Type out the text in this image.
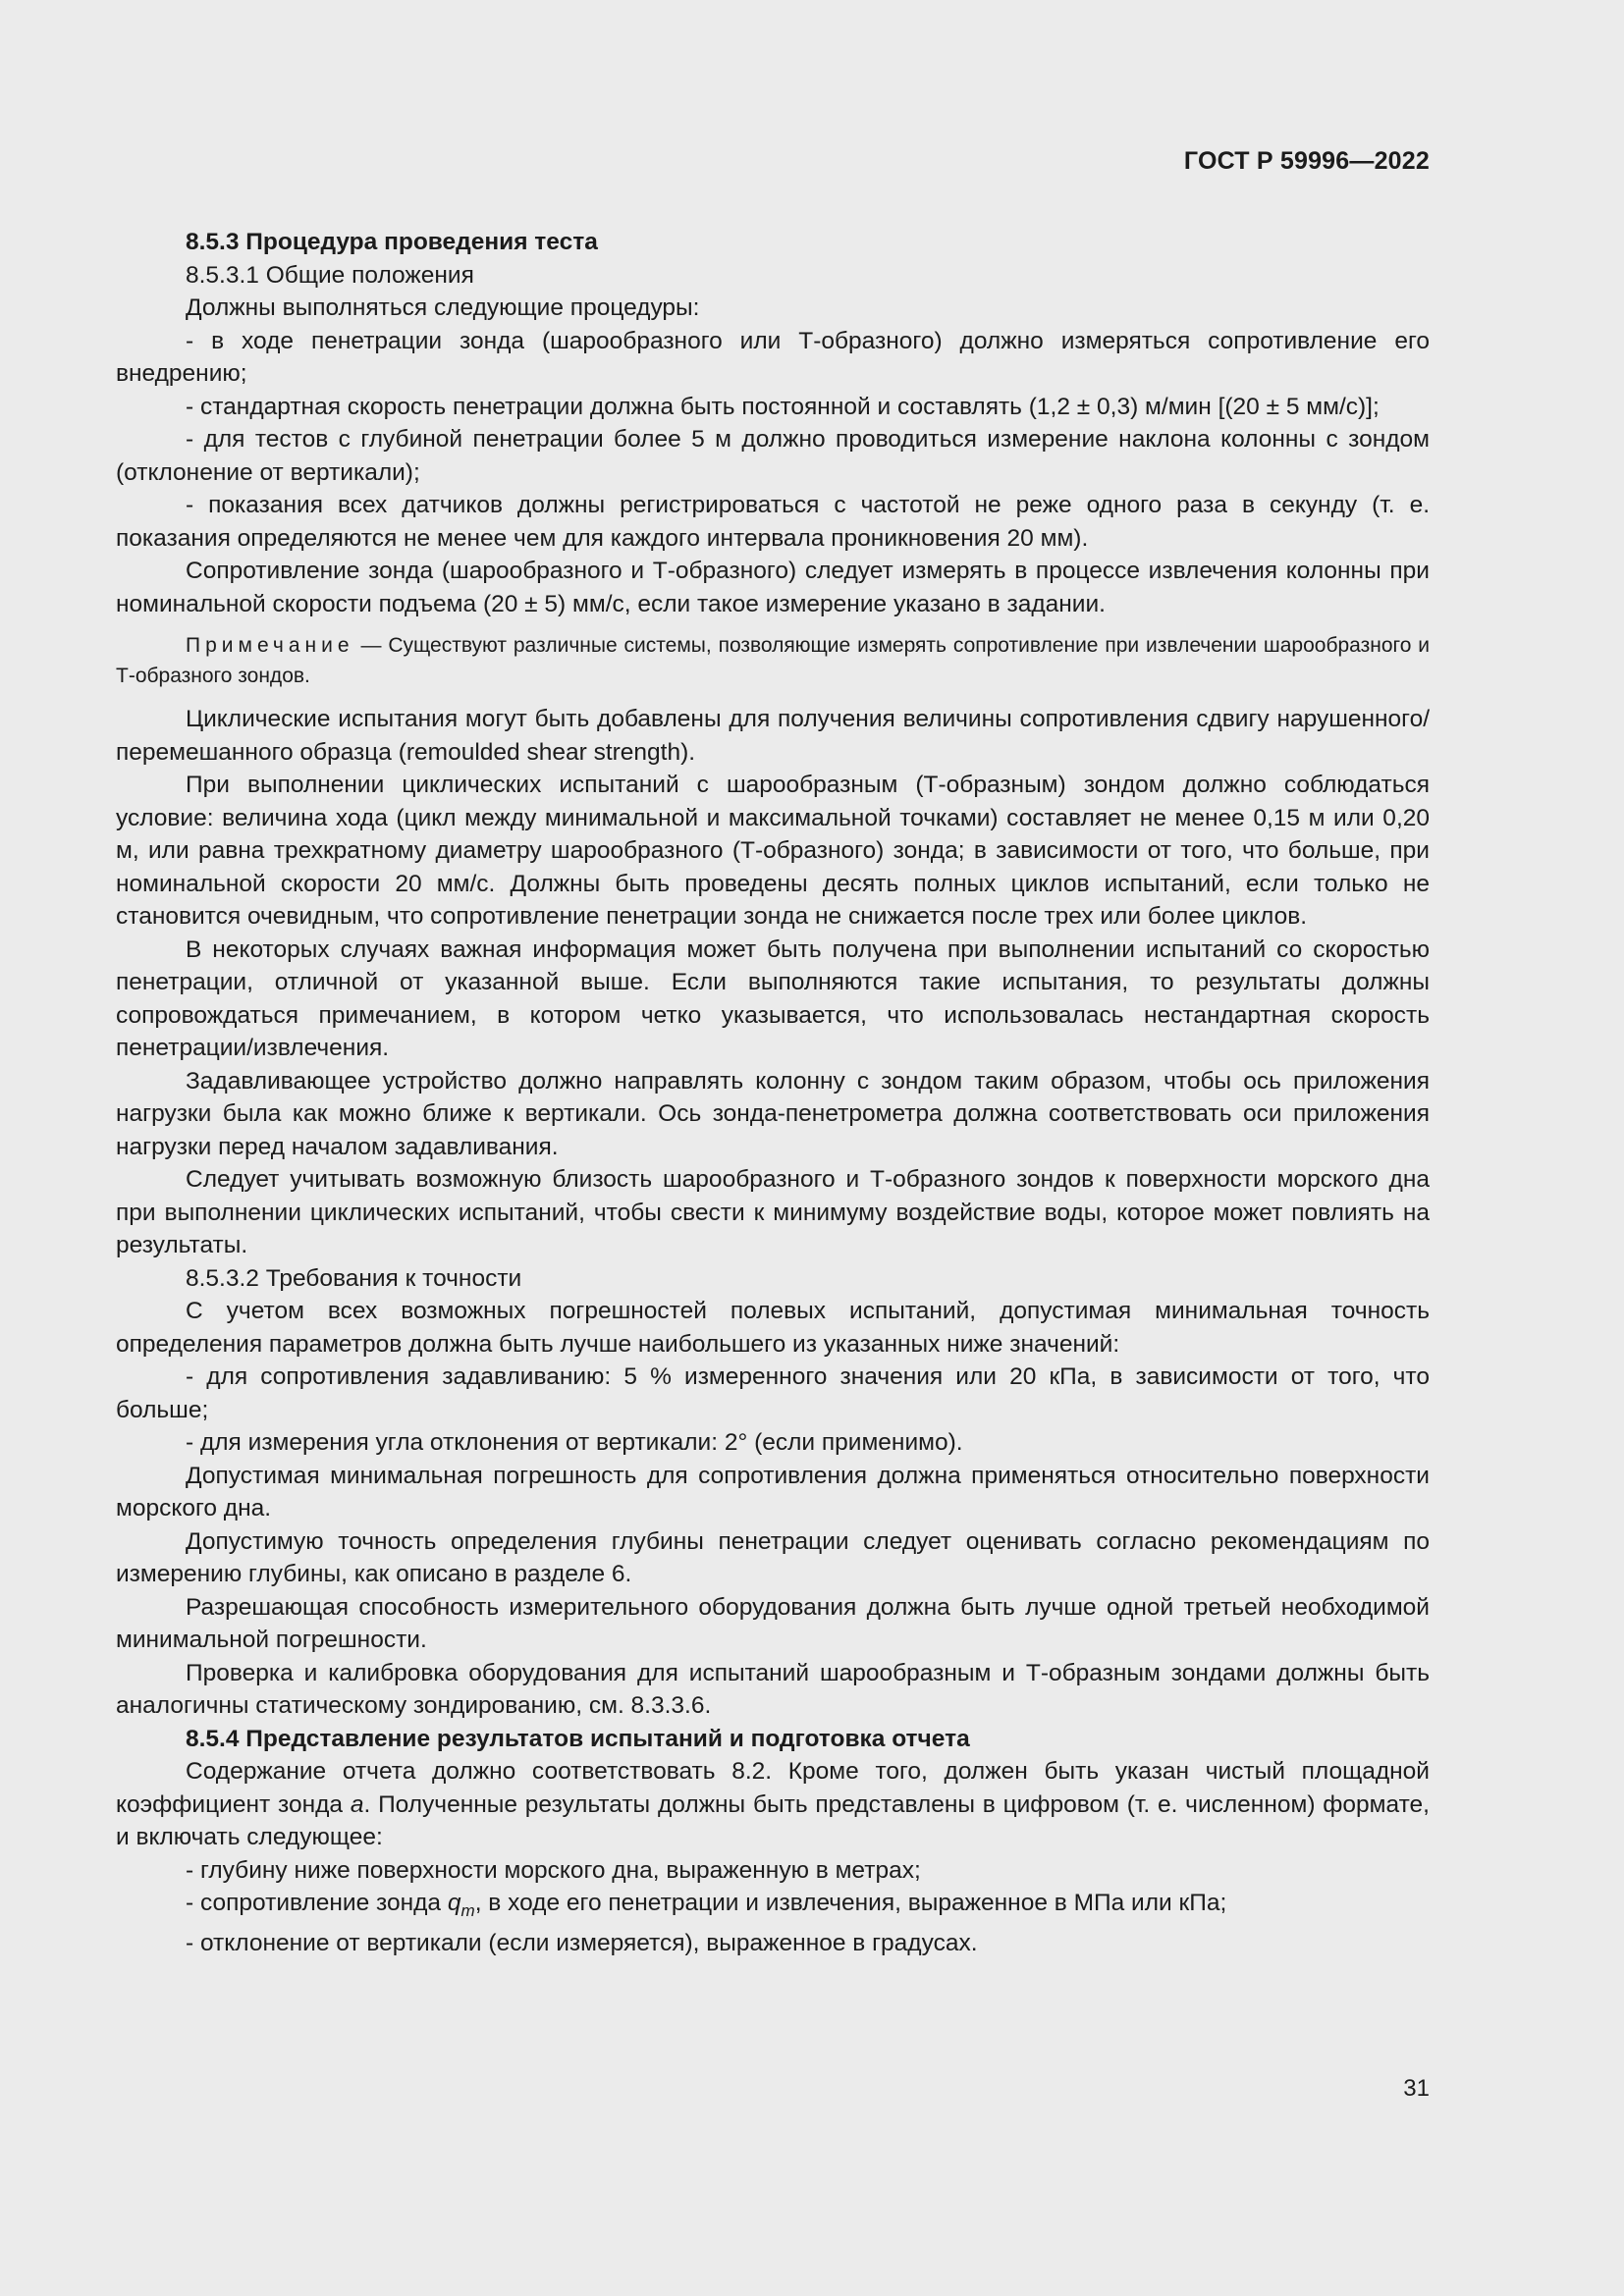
ГОСТ Р 59996—2022

8.5.3 Процедура проведения теста

8.5.3.1 Общие положения

Должны выполняться следующие процедуры:

- в ходе пенетрации зонда (шарообразного или Т-образного) должно измеряться сопротивление его внедрению;

- стандартная скорость пенетрации должна быть постоянной и составлять (1,2 ± 0,3) м/мин [(20 ± 5 мм/с)];

- для тестов с глубиной пенетрации более 5 м должно проводиться измерение наклона колонны с зондом (отклонение от вертикали);

- показания всех датчиков должны регистрироваться с частотой не реже одного раза в секунду (т. е. показания определяются не менее чем для каждого интервала проникновения 20 мм).

Сопротивление зонда (шарообразного и Т-образного) следует измерять в процессе извлечения колонны при номинальной скорости подъема (20 ± 5) мм/с, если такое измерение указано в задании.

Примечание — Существуют различные системы, позволяющие измерять сопротивление при извлечении шарообразного и Т-образного зондов.

Циклические испытания могут быть добавлены для получения величины сопротивления сдвигу нарушенного/перемешанного образца (remoulded shear strength).

При выполнении циклических испытаний с шарообразным (Т-образным) зондом должно соблюдаться условие: величина хода (цикл между минимальной и максимальной точками) составляет не менее 0,15 м или 0,20 м, или равна трехкратному диаметру шарообразного (Т-образного) зонда; в зависимости от того, что больше, при номинальной скорости 20 мм/с. Должны быть проведены десять полных циклов испытаний, если только не становится очевидным, что сопротивление пенетрации зонда не снижается после трех или более циклов.

В некоторых случаях важная информация может быть получена при выполнении испытаний со скоростью пенетрации, отличной от указанной выше. Если выполняются такие испытания, то результаты должны сопровождаться примечанием, в котором четко указывается, что использовалась нестандартная скорость пенетрации/извлечения.

Задавливающее устройство должно направлять колонну с зондом таким образом, чтобы ось приложения нагрузки была как можно ближе к вертикали. Ось зонда-пенетрометра должна соответствовать оси приложения нагрузки перед началом задавливания.

Следует учитывать возможную близость шарообразного и Т-образного зондов к поверхности морского дна при выполнении циклических испытаний, чтобы свести к минимуму воздействие воды, которое может повлиять на результаты.

8.5.3.2 Требования к точности

С учетом всех возможных погрешностей полевых испытаний, допустимая минимальная точность определения параметров должна быть лучше наибольшего из указанных ниже значений:

- для сопротивления задавливанию: 5 % измеренного значения или 20 кПа, в зависимости от того, что больше;

- для измерения угла отклонения от вертикали: 2° (если применимо).

Допустимая минимальная погрешность для сопротивления должна применяться относительно поверхности морского дна.

Допустимую точность определения глубины пенетрации следует оценивать согласно рекомендациям по измерению глубины, как описано в разделе 6.

Разрешающая способность измерительного оборудования должна быть лучше одной третьей необходимой минимальной погрешности.

Проверка и калибровка оборудования для испытаний шарообразным и Т-образным зондами должны быть аналогичны статическому зондированию, см. 8.3.3.6.

8.5.4 Представление результатов испытаний и подготовка отчета

Содержание отчета должно соответствовать 8.2. Кроме того, должен быть указан чистый площадной коэффициент зонда a. Полученные результаты должны быть представлены в цифровом (т. е. численном) формате, и включать следующее:

- глубину ниже поверхности морского дна, выраженную в метрах;

- сопротивление зонда $q_m$, в ходе его пенетрации и извлечения, выраженное в МПа или кПа;

- отклонение от вертикали (если измеряется), выраженное в градусах.

31
